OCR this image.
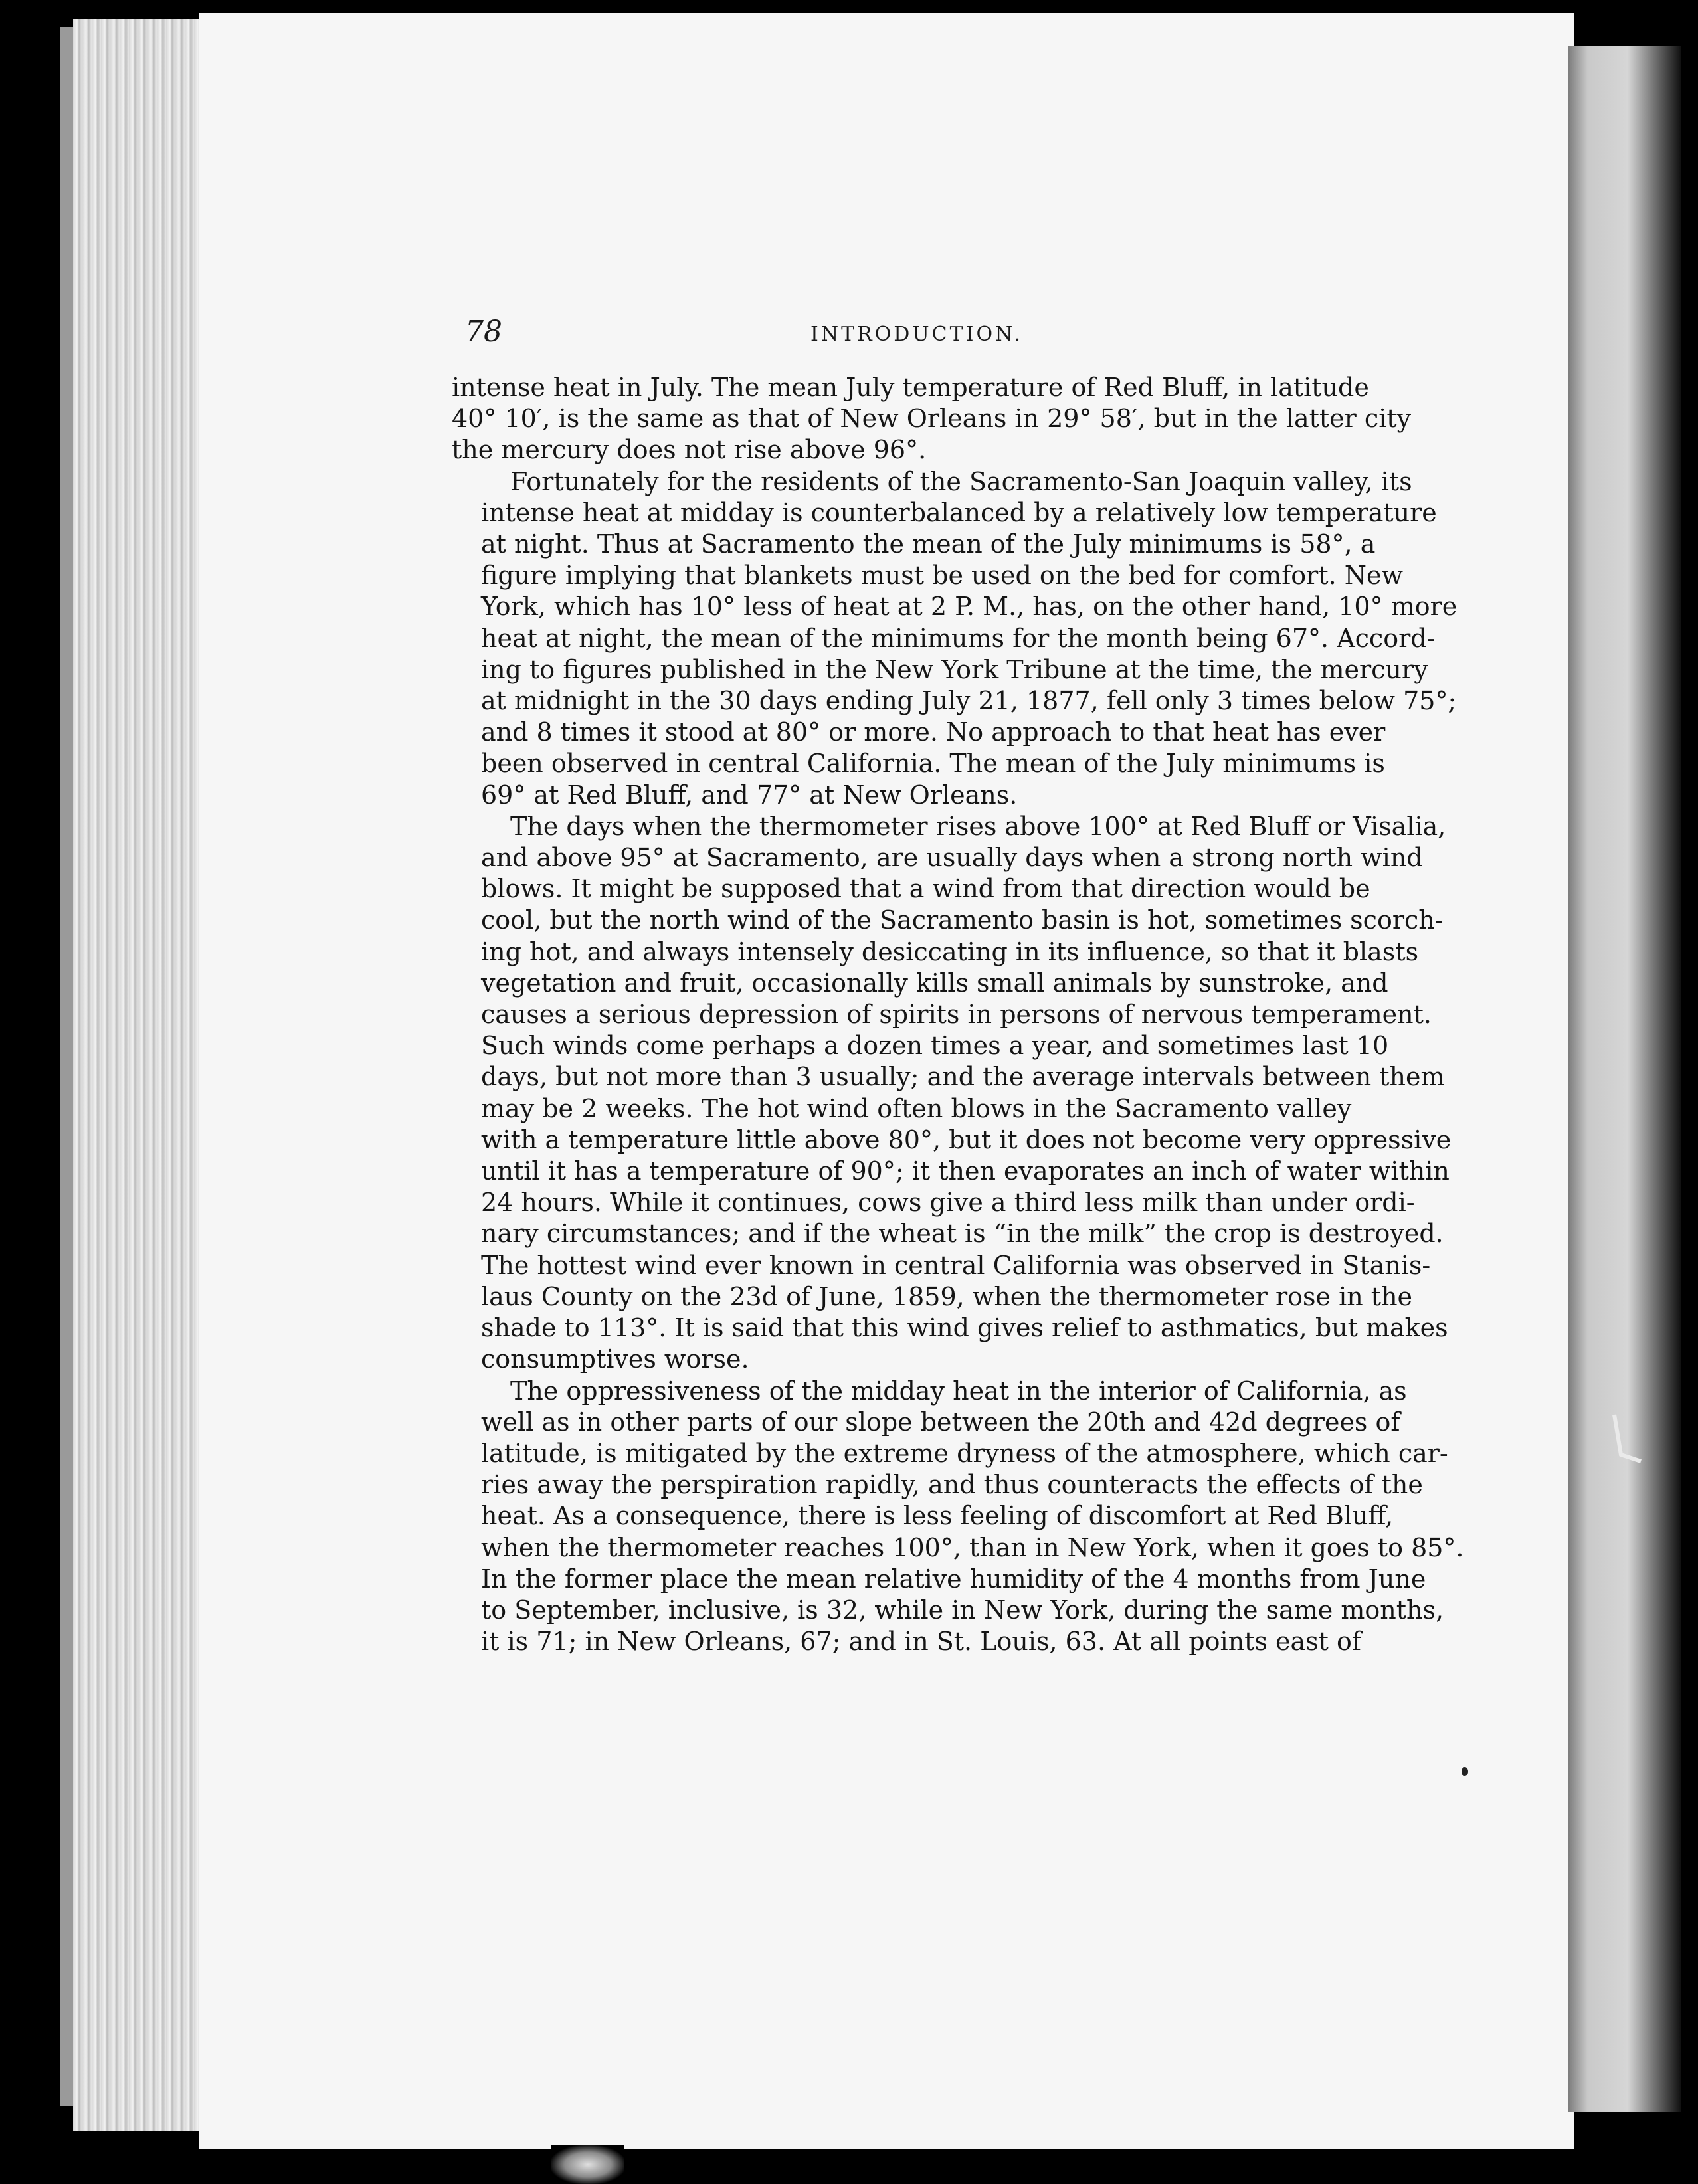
78	INTRODUCTION.

intense heat in July. The mean July temperature of Red Bluff, in latitude
40° 10′, is the same as that of New Orleans in 29° 58′, but in the latter city
the mercury does not rise above 96°.

Fortunately for the residents of the Sacramento-San Joaquin valley, its
intense heat at midday is counterbalanced by a relatively low temperature
at night. Thus at Sacramento the mean of the July minimums is 58°, a
figure implying that blankets must be used on the bed for comfort. New
York, which has 10° less of heat at 2 P. M., has, on the other hand, 10° more
heat at night, the mean of the minimums for the month being 67°. Accord-
ing to figures published in the New York Tribune at the time, the mercury
at midnight in the 30 days ending July 21, 1877, fell only 3 times below 75°;
and 8 times it stood at 80° or more. No approach to that heat has ever
been observed in central California. The mean of the July minimums is
69° at Red Bluff, and 77° at New Orleans.

The days when the thermometer rises above 100° at Red Bluff or Visalia,
and above 95° at Sacramento, are usually days when a strong north wind
blows. It might be supposed that a wind from that direction would be
cool, but the north wind of the Sacramento basin is hot, sometimes scorch-
ing hot, and always intensely desiccating in its influence, so that it blasts
vegetation and fruit, occasionally kills small animals by sunstroke, and
causes a serious depression of spirits in persons of nervous temperament.
Such winds come perhaps a dozen times a year, and sometimes last 10
days, but not more than 3 usually; and the average intervals between them
may be 2 weeks. The hot wind often blows in the Sacramento valley
with a temperature little above 80°, but it does not become very oppressive
until it has a temperature of 90°; it then evaporates an inch of water within
24 hours. While it continues, cows give a third less milk than under ordi-
nary circumstances; and if the wheat is “in the milk” the crop is destroyed.
The hottest wind ever known in central California was observed in Stanis-
laus County on the 23d of June, 1859, when the thermometer rose in the
shade to 113°. It is said that this wind gives relief to asthmatics, but makes
consumptives worse.

The oppressiveness of the midday heat in the interior of California, as
well as in other parts of our slope between the 20th and 42d degrees of
latitude, is mitigated by the extreme dryness of the atmosphere, which car-
ries away the perspiration rapidly, and thus counteracts the effects of the
heat. As a consequence, there is less feeling of discomfort at Red Bluff,
when the thermometer reaches 100°, than in New York, when it goes to 85°.
In the former place the mean relative humidity of the 4 months from June
to September, inclusive, is 32, while in New York, during the same months,
it is 71; in New Orleans, 67; and in St. Louis, 63. At all points east of
